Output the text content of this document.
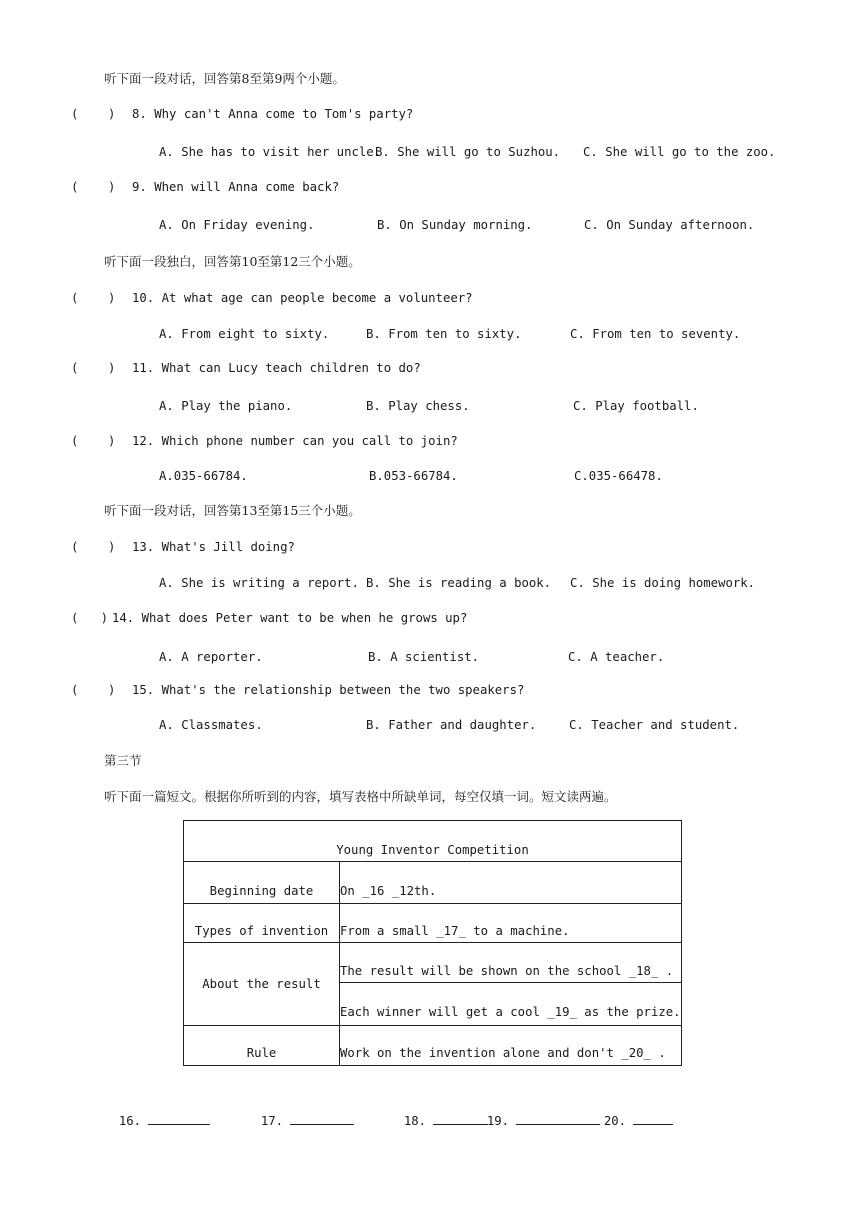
听下面一段对话，回答第8至第9两个小题。
(    ) 8. Why can't Anna come to Tom's party?
A. She has to visit her uncle.
B. She will go to Suzhou. C. She will go to the zoo.
(    ) 9. When will Anna come back?
A. On Friday evening.	B. On Sunday morning.	C. On Sunday afternoon.
听下面一段独白，回答第10至第12三个小题。
(    ) 10. At what age can people become a volunteer?
A. From eight to sixty.	B. From ten to sixty.	C. From ten to seventy.
(    ) 11. What can Lucy teach children to do?
A. Play the piano.	B. Play chess.	C. Play football.
(    ) 12. Which phone number can you call to join?
A.035-66784.	B.053-66784.	C.035-66478.
听下面一段对话，回答第13至第15三个小题。
(    ) 13. What's Jill doing?
A. She is writing a report. B. She is reading a book. C. She is doing homework.
(   ) 14. What does Peter want to be when he grows up?
A. A reporter.	B. A scientist.	C. A teacher.
(    ) 15. What's the relationship between the two speakers?
A. Classmates.	B. Father and daughter.	C. Teacher and student.
第三节
听下面一篇短文。根据你所听到的内容，填写表格中所缺单词，每空仅填一词。短文读两遍。
Young Inventor Competition	
Beginning date	On _16 _12th.
Types of invention	From a small _17_ to a machine.
About the result	The result will be shown on the school _18_ .
	Each winner will get a cool _19_ as the prize.
Rule	Work on the invention alone and don't _20_ .

16.	17.	18.	19.	20.
